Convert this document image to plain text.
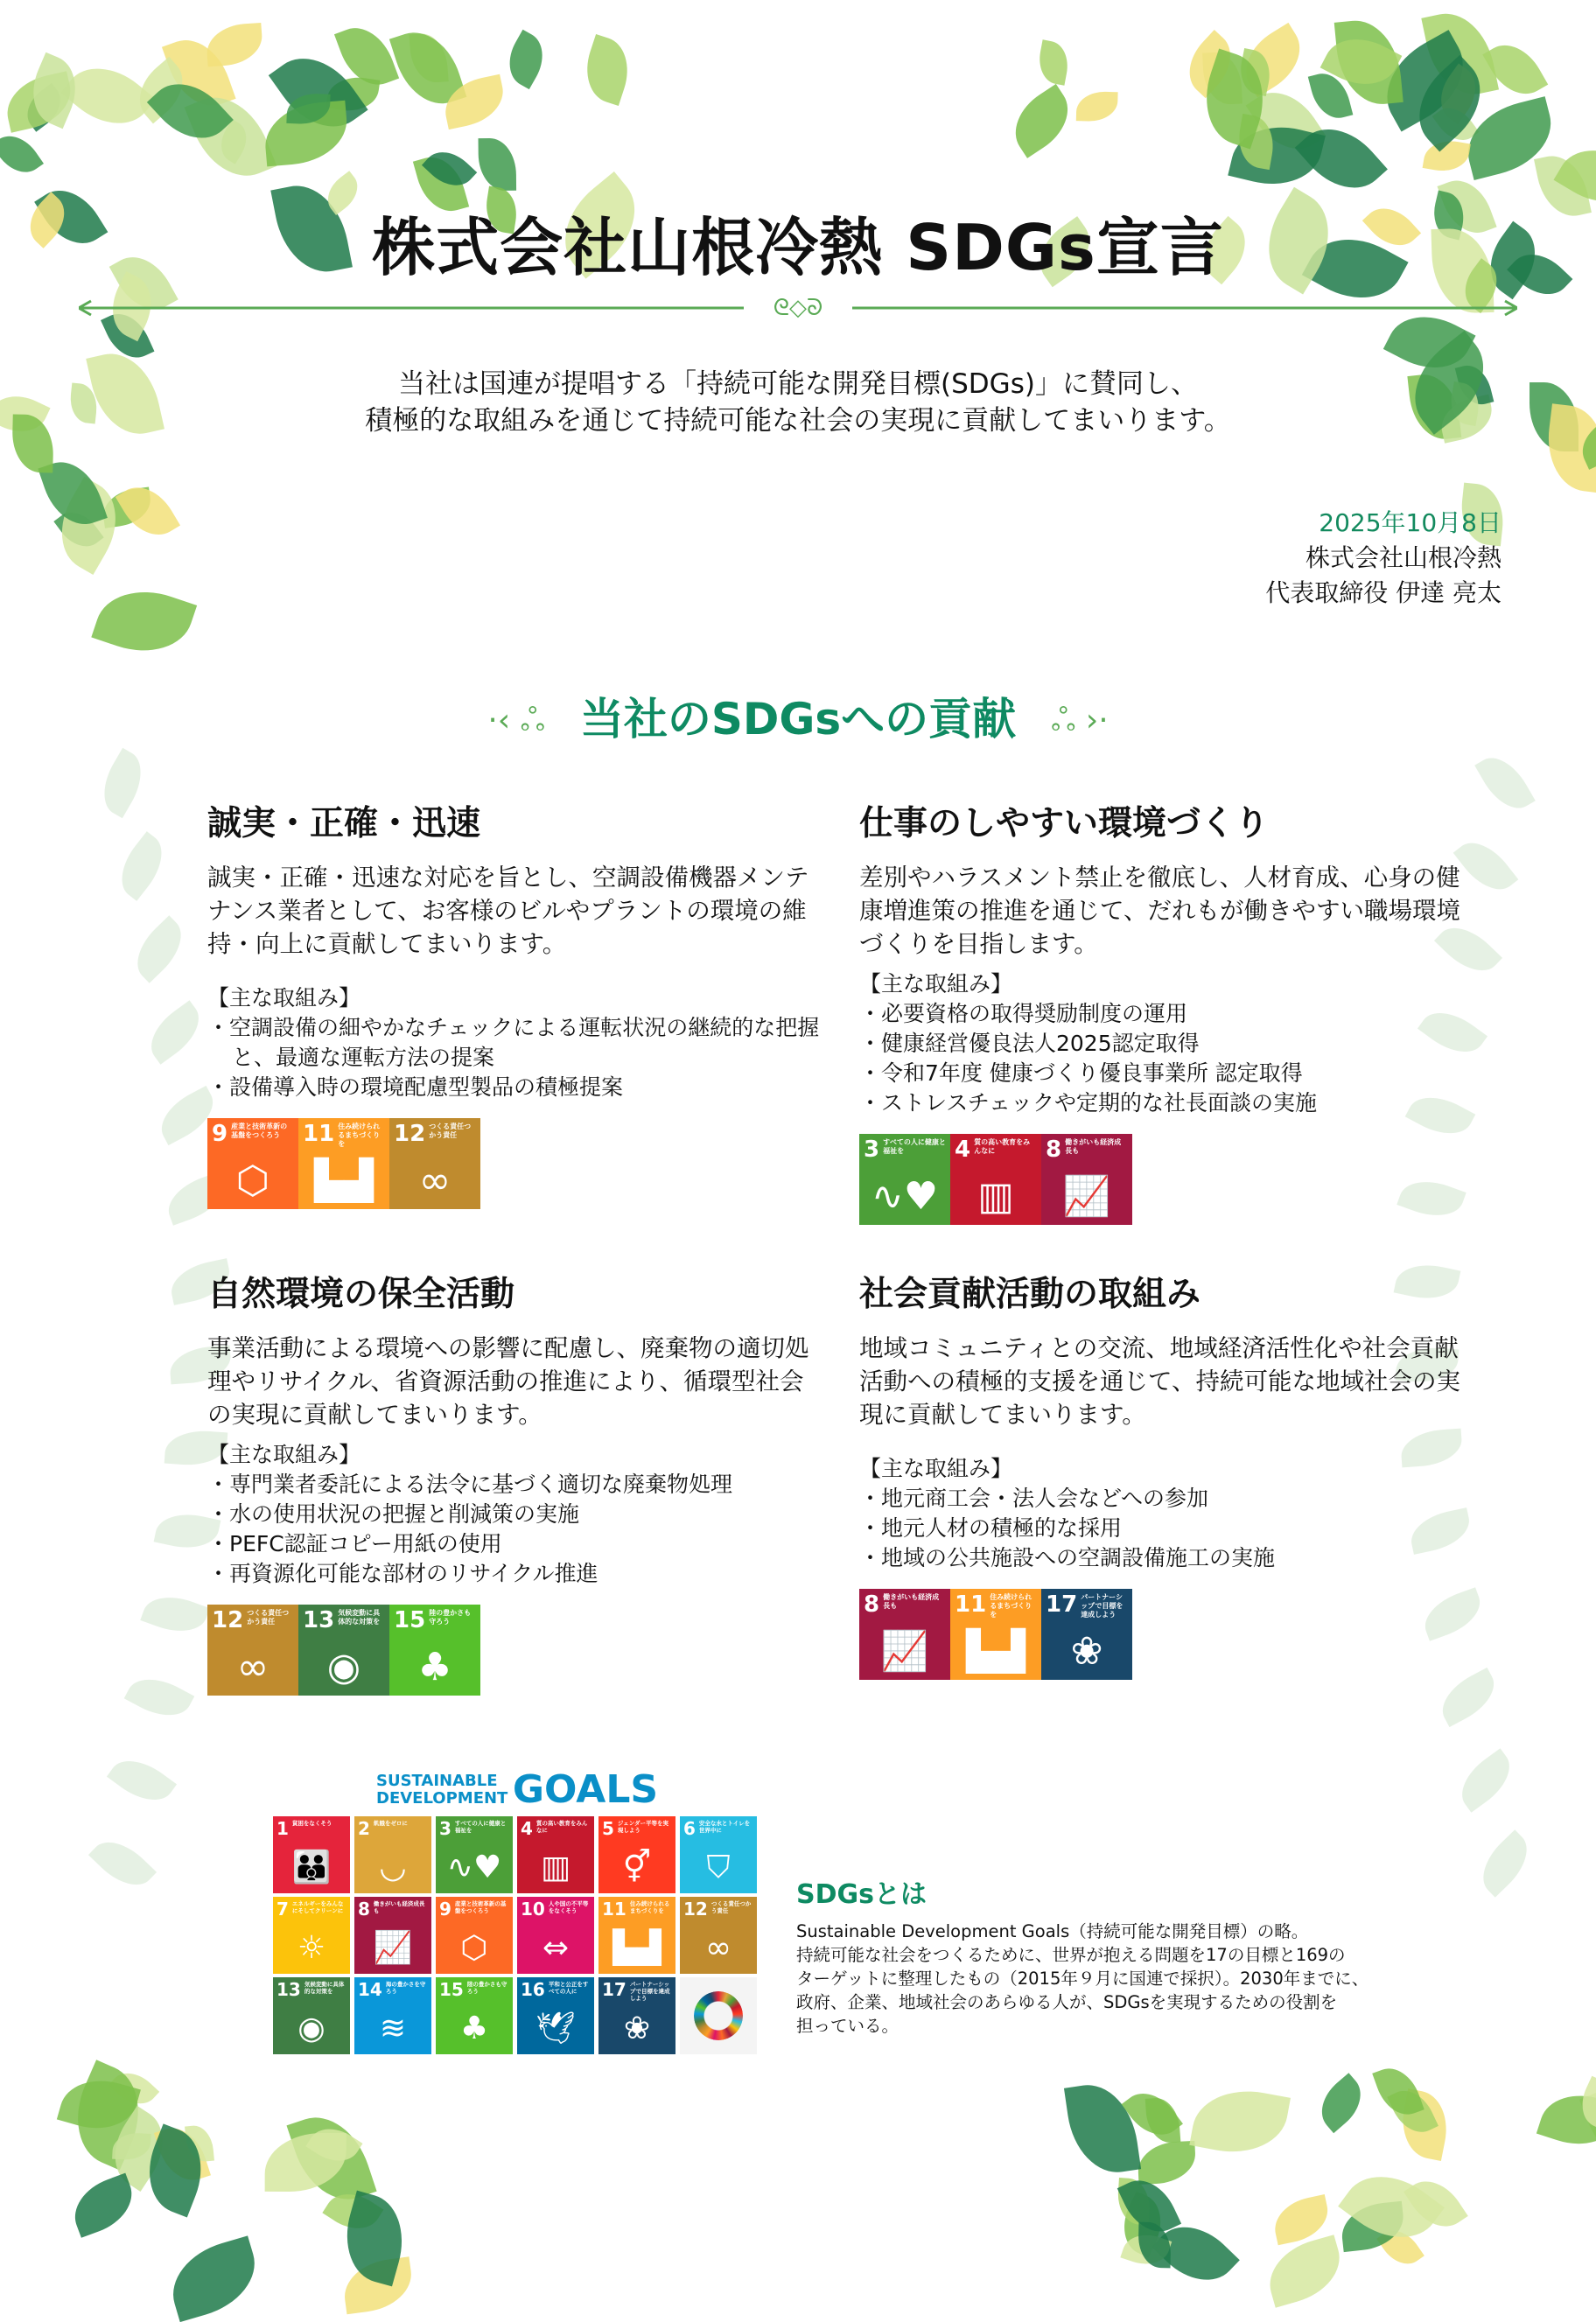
株式会社山根冷熱 SDGs宣言
ᘓ◇ᘐ
当社は国連が提唱する「持続可能な開発目標(SDGs)」に賛同し、
積極的な取組みを通じて持続可能な社会の実現に貢献してまいります。
2025年10月8日
株式会社山根冷熱
代表取締役 伊達 亮太
·‹ ஃ 当社のSDGsへの貢献 ஃ ›·
誠実・正確・迅速
誠実・正確・迅速な対応を旨とし、空調設備機器メンテナンス業者として、お客様のビルやプラントの環境の維持・向上に貢献してまいります。
【主な取組み】
・空調設備の細やかなチェックによる運転状況の継続的な把握と、最適な運転方法の提案
・設備導入時の環境配慮型製品の積極提案
9 産業と技術革新の基盤をつくろう
⬡
11 住み続けられるまちづくりを
▙▟
12 つくる責任つかう責任
∞
仕事のしやすい環境づくり
差別やハラスメント禁止を徹底し、人材育成、心身の健康増進策の推進を通じて、だれもが働きやすい職場環境づくりを目指します。
【主な取組み】
・必要資格の取得奨励制度の運用
・健康経営優良法人2025認定取得
・令和7年度 健康づくり優良事業所 認定取得
・ストレスチェックや定期的な社長面談の実施
3 すべての人に健康と福祉を
∿♥
4 質の高い教育をみんなに
▥
8 働きがいも経済成長も
📈
自然環境の保全活動
事業活動による環境への影響に配慮し、廃棄物の適切処理やリサイクル、省資源活動の推進により、循環型社会の実現に貢献してまいります。
【主な取組み】
・専門業者委託による法令に基づく適切な廃棄物処理
・水の使用状況の把握と削減策の実施
・PEFC認証コピー用紙の使用
・再資源化可能な部材のリサイクル推進
12 つくる責任つかう責任
∞
13 気候変動に具体的な対策を
◉
15 陸の豊かさも守ろう
♣
社会貢献活動の取組み
地域コミュニティとの交流、地域経済活性化や社会貢献活動への積極的支援を通じて、持続可能な地域社会の実現に貢献してまいります。
【主な取組み】
・地元商工会・法人会などへの参加
・地元人材の積極的な採用
・地域の公共施設への空調設備施工の実施
8 働きがいも経済成長も
📈
11 住み続けられるまちづくりを
▙▟
17 パートナーシップで目標を達成しよう
❀
SUSTAINABLE
DEVELOPMENT GOALS
1 貧困をなくそう
👪
2 飢餓をゼロに
◡
3 すべての人に健康と福祉を
∿♥
4 質の高い教育をみんなに
▥
5 ジェンダー平等を実現しよう
⚥
6 安全な水とトイレを世界中に
⛉
7 エネルギーをみんなにそしてクリーンに
☼
8 働きがいも経済成長も
📈
9 産業と技術革新の基盤をつくろう
⬡
10 人や国の不平等をなくそう
⇔
11 住み続けられるまちづくりを
▙▟
12 つくる責任つかう責任
∞
13 気候変動に具体的な対策を
◉
14 海の豊かさを守ろう
≋
15 陸の豊かさも守ろう
♣
16 平和と公正をすべての人に
🕊
17 パートナーシップで目標を達成しよう
❀
SDGsとは

Sustainable Development Goals（持続可能な開発目標）の略。
持続可能な社会をつくるために、世界が抱える問題を17の目標と169の
ターゲットに整理したもの（2015年９月に国連で採択）。2030年までに、
政府、企業、地域社会のあらゆる人が、SDGsを実現するための役割を
担っている。
